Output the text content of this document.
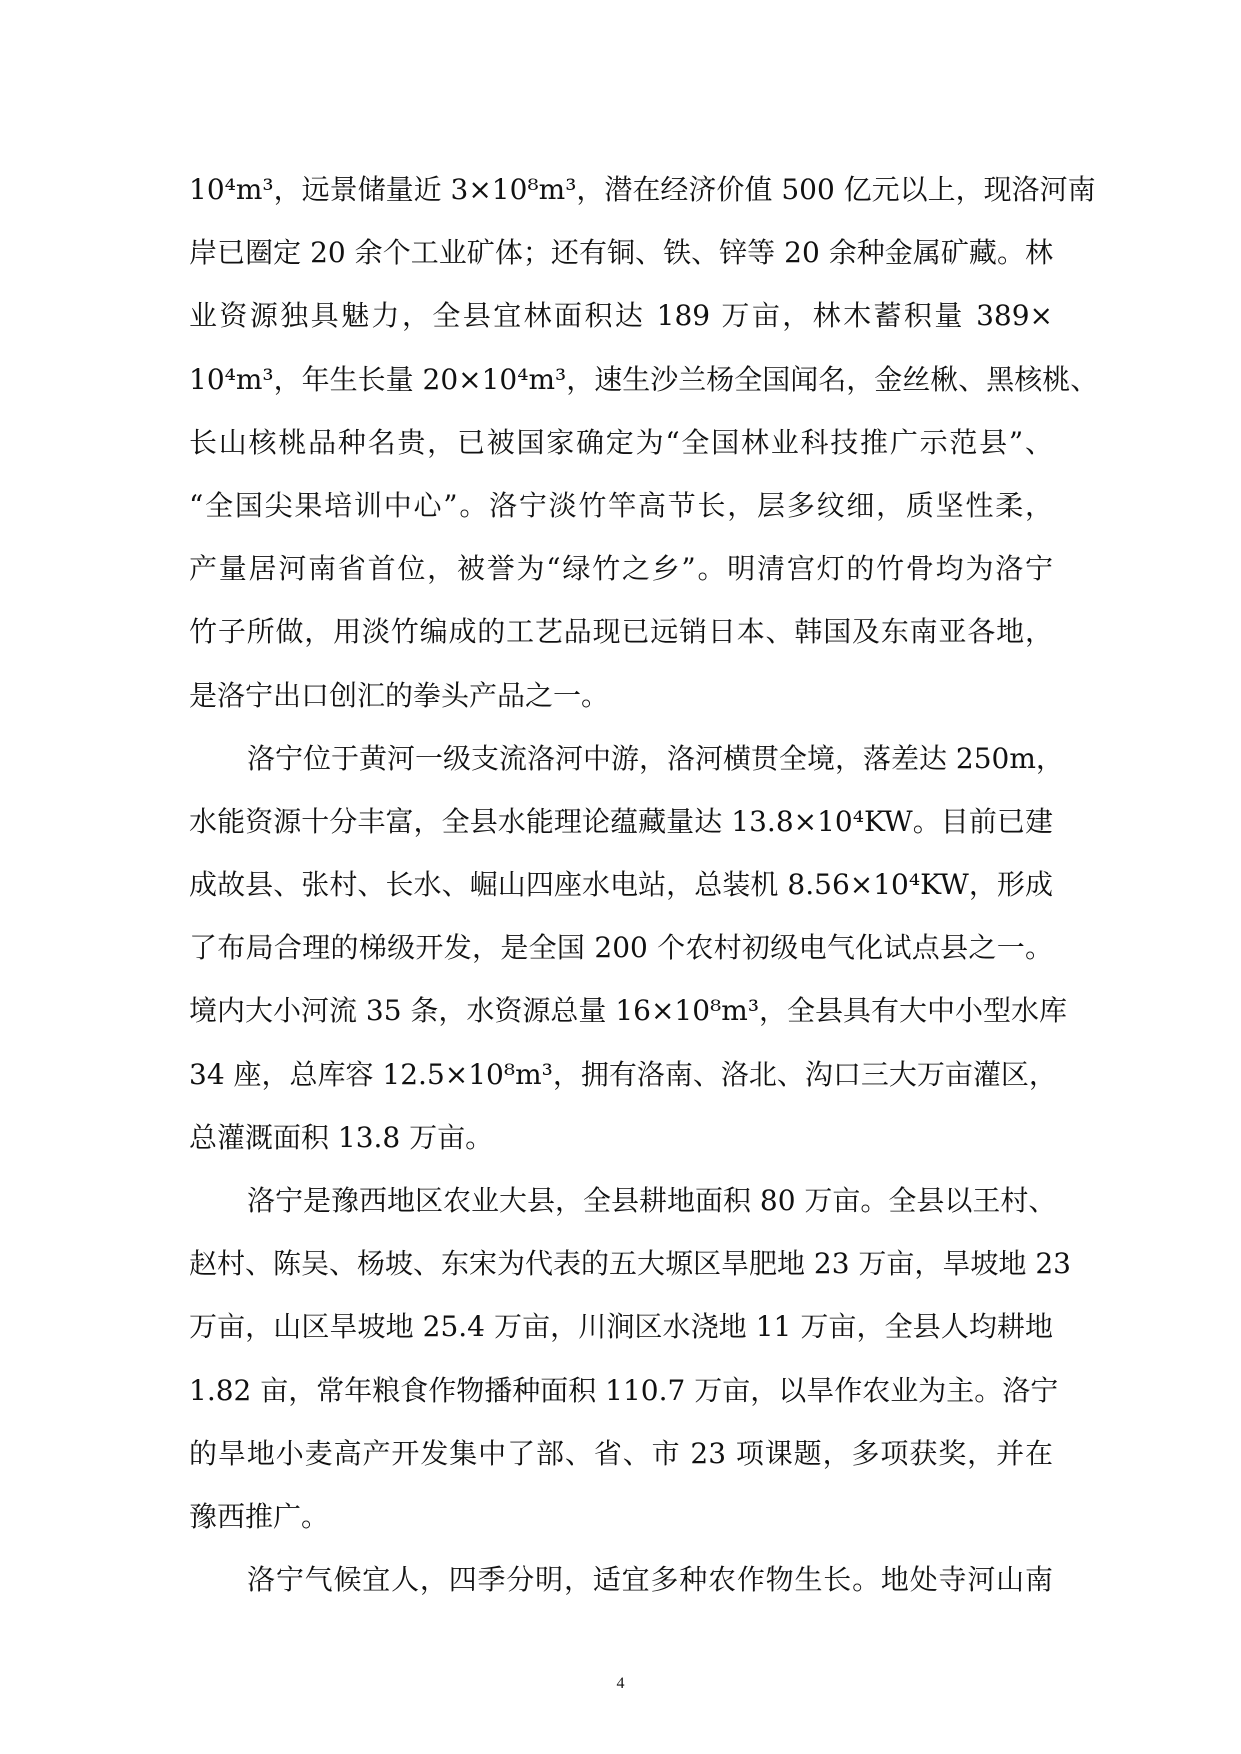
10⁴m³，远景储量近 3×10⁸m³，潜在经济价值 500 亿元以上，现洛河南
岸已圈定 20 余个工业矿体；还有铜、铁、锌等 20 余种金属矿藏。林
业资源独具魅力，全县宜林面积达 189 万亩，林木蓄积量 389×
10⁴m³，年生长量 20×10⁴m³，速生沙兰杨全国闻名，金丝楸、黑核桃、
长山核桃品种名贵，已被国家确定为“全国林业科技推广示范县”、
“全国尖果培训中心”。洛宁淡竹竿高节长，层多纹细，质坚性柔，
产量居河南省首位，被誉为“绿竹之乡”。明清宫灯的竹骨均为洛宁
竹子所做，用淡竹编成的工艺品现已远销日本、韩国及东南亚各地，
是洛宁出口创汇的拳头产品之一。
洛宁位于黄河一级支流洛河中游，洛河横贯全境，落差达 250m，
水能资源十分丰富，全县水能理论蕴藏量达 13.8×10⁴KW。目前已建
成故县、张村、长水、崛山四座水电站，总装机 8.56×10⁴KW，形成
了布局合理的梯级开发，是全国 200 个农村初级电气化试点县之一。
境内大小河流 35 条，水资源总量 16×10⁸m³，全县具有大中小型水库
34 座，总库容 12.5×10⁸m³，拥有洛南、洛北、沟口三大万亩灌区，
总灌溉面积 13.8 万亩。
洛宁是豫西地区农业大县，全县耕地面积 80 万亩。全县以王村、
赵村、陈吴、杨坡、东宋为代表的五大塬区旱肥地 23 万亩，旱坡地 23
万亩，山区旱坡地 25.4 万亩，川涧区水浇地 11 万亩，全县人均耕地
1.82 亩，常年粮食作物播种面积 110.7 万亩，以旱作农业为主。洛宁
的旱地小麦高产开发集中了部、省、市 23 项课题，多项获奖，并在
豫西推广。
洛宁气候宜人，四季分明，适宜多种农作物生长。地处寺河山南
4
